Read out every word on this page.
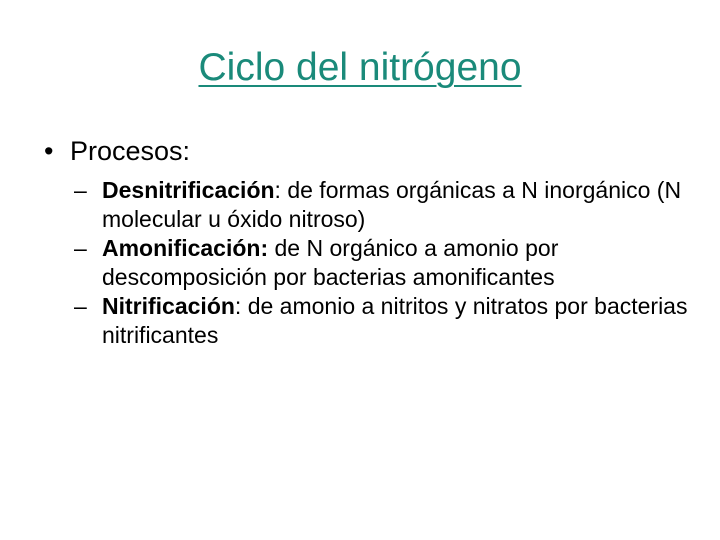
Ciclo del nitrógeno
• Procesos:
– Desnitrificación: de formas orgánicas a N inorgánico (N molecular u óxido nitroso)
– Amonificación: de N orgánico a amonio por descomposición por bacterias amonificantes
– Nitrificación: de amonio a nitritos y nitratos por bacterias nitrificantes
